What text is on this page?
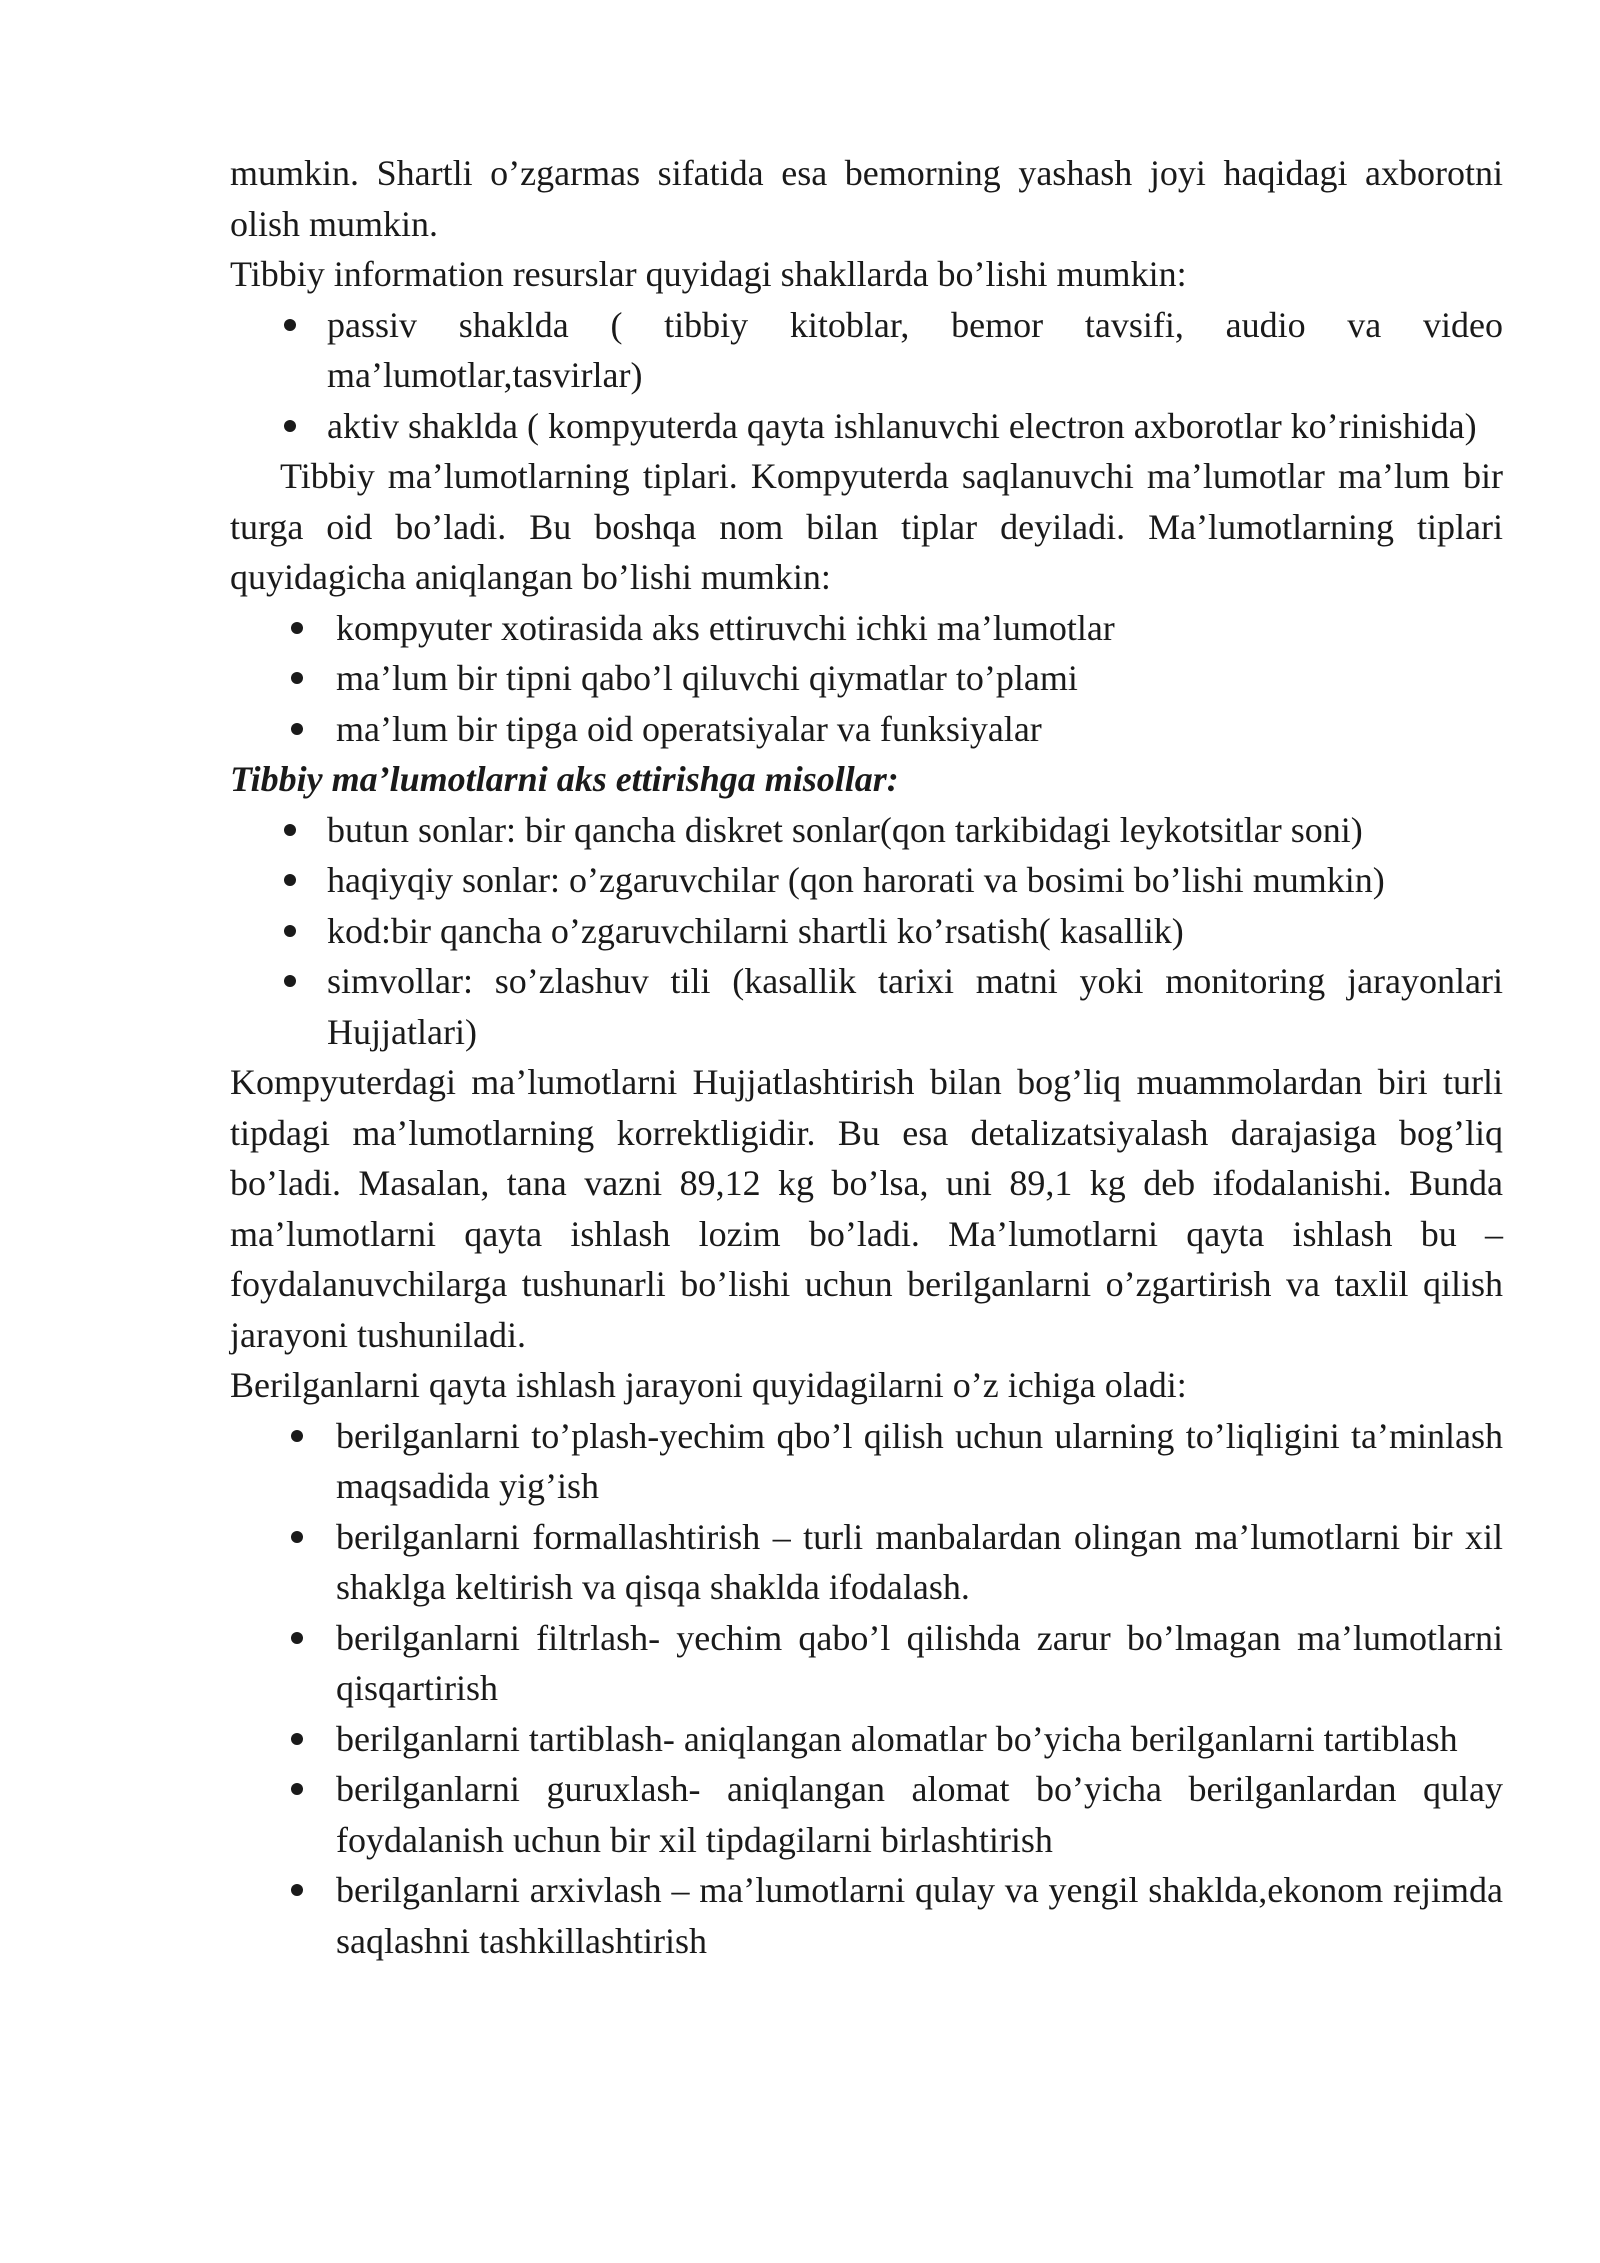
mumkin. Shartli o’zgarmas sifatida esa bemorning yashash joyi haqidagi axborotni olish mumkin.

Tibbiy information resurslar quyidagi shakllarda bo’lishi mumkin:

passiv shaklda ( tibbiy kitoblar, bemor tavsifi, audio va video ma’lumotlar,tasvirlar)
aktiv shaklda ( kompyuterda qayta ishlanuvchi electron axborotlar ko’rinishida)

Tibbiy ma’lumotlarning tiplari. Kompyuterda saqlanuvchi ma’lumotlar ma’lum bir turga oid bo’ladi. Bu boshqa nom bilan tiplar deyiladi. Ma’lumotlarning tiplari quyidagicha aniqlangan bo’lishi mumkin:

kompyuter xotirasida aks ettiruvchi ichki ma’lumotlar
ma’lum bir tipni qabo’l qiluvchi qiymatlar to’plami
ma’lum bir tipga oid operatsiyalar va funksiyalar

Tibbiy ma’lumotlarni aks ettirishga misollar:

butun sonlar: bir qancha diskret sonlar(qon tarkibidagi leykotsitlar soni)
haqiyqiy sonlar: o’zgaruvchilar (qon harorati va bosimi bo’lishi mumkin)
kod:bir qancha o’zgaruvchilarni shartli ko’rsatish( kasallik)
simvollar: so’zlashuv tili (kasallik tarixi matni yoki monitoring jarayonlari Hujjatlari)

Kompyuterdagi ma’lumotlarni Hujjatlashtirish bilan bog’liq muammolardan biri turli tipdagi ma’lumotlarning korrektligidir. Bu esa detalizatsiyalash darajasiga bog’liq bo’ladi. Masalan, tana vazni 89,12 kg bo’lsa, uni 89,1 kg deb ifodalanishi. Bunda ma’lumotlarni qayta ishlash lozim bo’ladi. Ma’lumotlarni qayta ishlash bu – foydalanuvchilarga tushunarli bo’lishi uchun berilganlarni o’zgartirish va taxlil qilish jarayoni tushuniladi.

Berilganlarni qayta ishlash jarayoni quyidagilarni o’z ichiga oladi:

berilganlarni to’plash-yechim qbo’l qilish uchun ularning to’liqligini ta’minlash maqsadida yig’ish
berilganlarni formallashtirish – turli manbalardan olingan ma’lumotlarni bir xil shaklga keltirish va qisqa shaklda ifodalash.
berilganlarni filtrlash- yechim qabo’l qilishda zarur bo’lmagan ma’lumotlarni qisqartirish
berilganlarni tartiblash- aniqlangan alomatlar bo’yicha berilganlarni tartiblash
berilganlarni guruxlash- aniqlangan alomat bo’yicha berilganlardan qulay foydalanish uchun bir xil tipdagilarni birlashtirish
berilganlarni arxivlash – ma’lumotlarni qulay va yengil shaklda,ekonom rejimda saqlashni tashkillashtirish
